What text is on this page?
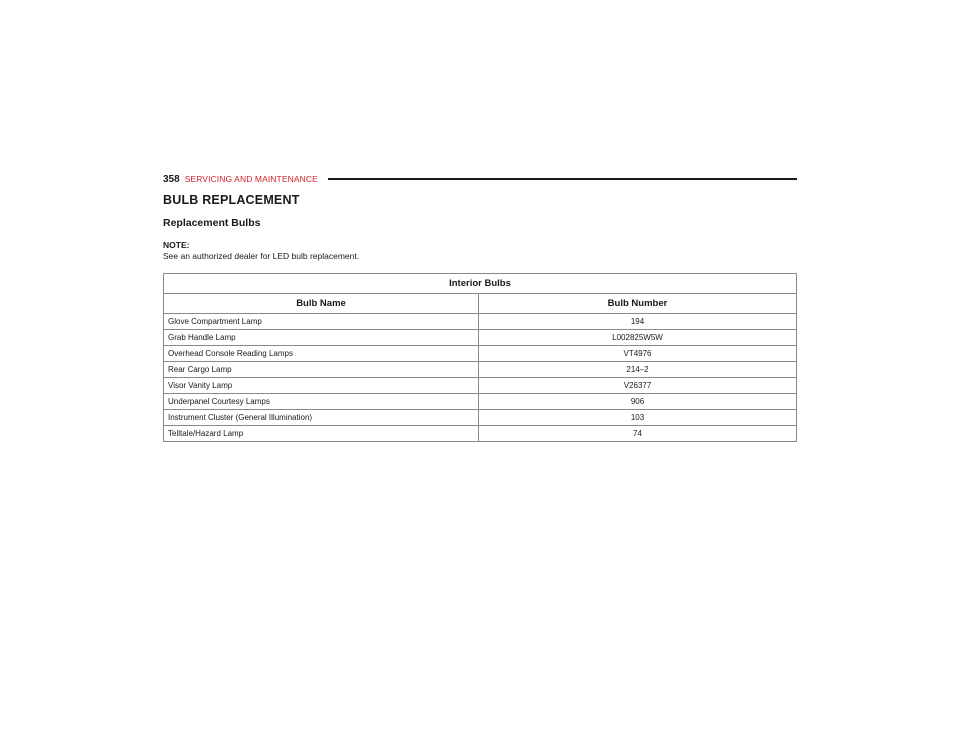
358 SERVICING AND MAINTENANCE
BULB REPLACEMENT
Replacement Bulbs
NOTE:
See an authorized dealer for LED bulb replacement.
Interior Bulbs	
Bulb Name	Bulb Number
Glove Compartment Lamp	194
Grab Handle Lamp	L002825W5W
Overhead Console Reading Lamps	VT4976
Rear Cargo Lamp	214–2
Visor Vanity Lamp	V26377
Underpanel Courtesy Lamps	906
Instrument Cluster (General Illumination)	103
Telltale/Hazard Lamp	74
